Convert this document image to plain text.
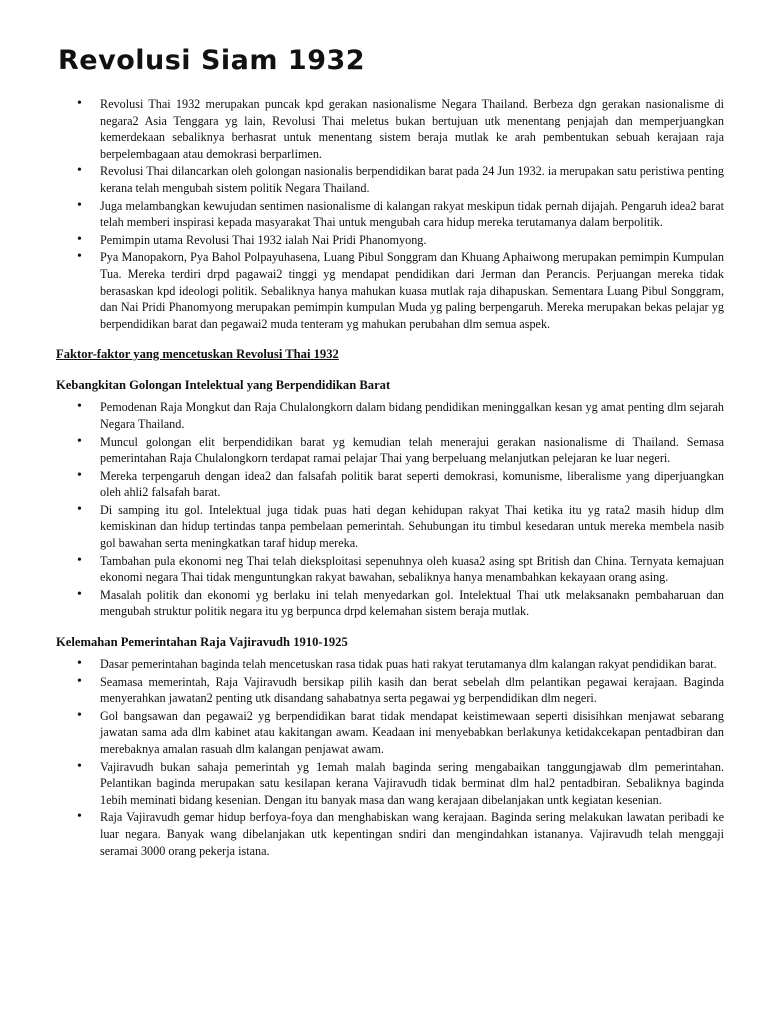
Revolusi Siam 1932
• Revolusi Thai 1932 merupakan puncak kpd gerakan nasionalisme Negara Thailand. Berbeza dgn gerakan nasionalisme di negara2 Asia Tenggara yg lain, Revolusi Thai meletus bukan bertujuan utk menentang penjajah dan memperjuangkan kemerdekaan sebaliknya berhasrat untuk menentang sistem beraja mutlak ke arah pembentukan sebuah kerajaan raja berpelembagaan atau demokrasi berparlimen.
• Revolusi Thai dilancarkan oleh golongan nasionalis berpendidikan barat pada 24 Jun 1932. ia merupakan satu peristiwa penting kerana telah mengubah sistem politik Negara Thailand.
• Juga melambangkan kewujudan sentimen nasionalisme di kalangan rakyat meskipun tidak pernah dijajah. Pengaruh idea2 barat telah memberi inspirasi kepada masyarakat Thai untuk mengubah cara hidup mereka terutamanya dalam berpolitik.
• Pemimpin utama Revolusi Thai 1932 ialah Nai Pridi Phanomyong.
• Pya Manopakorn, Pya Bahol Polpayuhasena, Luang Pibul Songgram dan Khuang Aphaiwong merupakan pemimpin Kumpulan Tua. Mereka terdiri drpd pagawai2 tinggi yg mendapat pendidikan dari Jerman dan Perancis. Perjuangan mereka tidak berasaskan kpd ideologi politik. Sebaliknya hanya mahukan kuasa mutlak raja dihapuskan. Sementara Luang Pibul Songgram, dan Nai Pridi Phanomyong merupakan pemimpin kumpulan Muda yg paling berpengaruh. Mereka merupakan bekas pelajar yg berpendidikan barat dan pegawai2 muda tenteram yg mahukan perubahan dlm semua aspek.
Faktor-faktor yang mencetuskan Revolusi Thai 1932
Kebangkitan Golongan Intelektual yang Berpendidikan Barat
• Pemodenan Raja Mongkut dan Raja Chulalongkorn dalam bidang pendidikan meninggalkan kesan yg amat penting dlm sejarah Negara Thailand.
• Muncul golongan elit berpendidikan barat yg kemudian telah menerajui gerakan nasionalisme di Thailand. Semasa pemerintahan Raja Chulalongkorn terdapat ramai pelajar Thai yang berpeluang melanjutkan pelejaran ke luar negeri.
• Mereka terpengaruh dengan idea2 dan falsafah politik barat seperti demokrasi, komunisme, liberalisme yang diperjuangkan oleh ahli2 falsafah barat.
• Di samping itu gol. Intelektual juga tidak puas hati degan kehidupan rakyat Thai ketika itu yg rata2 masih hidup dlm kemiskinan dan hidup tertindas tanpa pembelaan pemerintah. Sehubungan itu timbul kesedaran untuk mereka membela nasib gol bawahan serta meningkatkan taraf hidup mereka.
• Tambahan pula ekonomi neg Thai telah dieksploitasi sepenuhnya oleh kuasa2 asing spt British dan China. Ternyata kemajuan ekonomi negara Thai tidak menguntungkan rakyat bawahan, sebaliknya hanya menambahkan kekayaan orang asing.
• Masalah politik dan ekonomi yg berlaku ini telah menyedarkan gol. Intelektual Thai utk melaksanakn pembaharuan dan mengubah struktur politik negara itu yg berpunca drpd kelemahan sistem beraja mutlak.
Kelemahan Pemerintahan Raja Vajiravudh 1910-1925
• Dasar pemerintahan baginda telah mencetuskan rasa tidak puas hati rakyat terutamanya dlm kalangan rakyat pendidikan barat.
• Seamasa memerintah, Raja Vajiravudh bersikap pilih kasih dan berat sebelah dlm pelantikan pegawai kerajaan. Baginda menyerahkan jawatan2 penting utk disandang sahabatnya serta pegawai yg berpendidikan dlm negeri.
• Gol bangsawan dan pegawai2 yg berpendidikan barat tidak mendapat keistimewaan seperti disisihkan menjawat sebarang jawatan sama ada dlm kabinet atau kakitangan awam. Keadaan ini menyebabkan berlakunya ketidakcekapan pentadbiran dan merebaknya amalan rasuah dlm kalangan penjawat awam.
• Vajiravudh bukan sahaja pemerintah yg 1emah malah baginda sering mengabaikan tanggungjawab dlm pemerintahan. Pelantikan baginda merupakan satu kesilapan kerana Vajiravudh tidak berminat dlm hal2 pentadbiran. Sebaliknya baginda 1ebih meminati bidang kesenian. Dengan itu banyak masa dan wang kerajaan dibelanjakan untk kegiatan kesenian.
• Raja Vajiravudh gemar hidup berfoya-foya dan menghabiskan wang kerajaan. Baginda sering melakukan lawatan peribadi ke luar negara. Banyak wang dibelanjakan utk kepentingan sndiri dan mengindahkan istananya. Vajiravudh telah menggaji seramai 3000 orang pekerja istana.
